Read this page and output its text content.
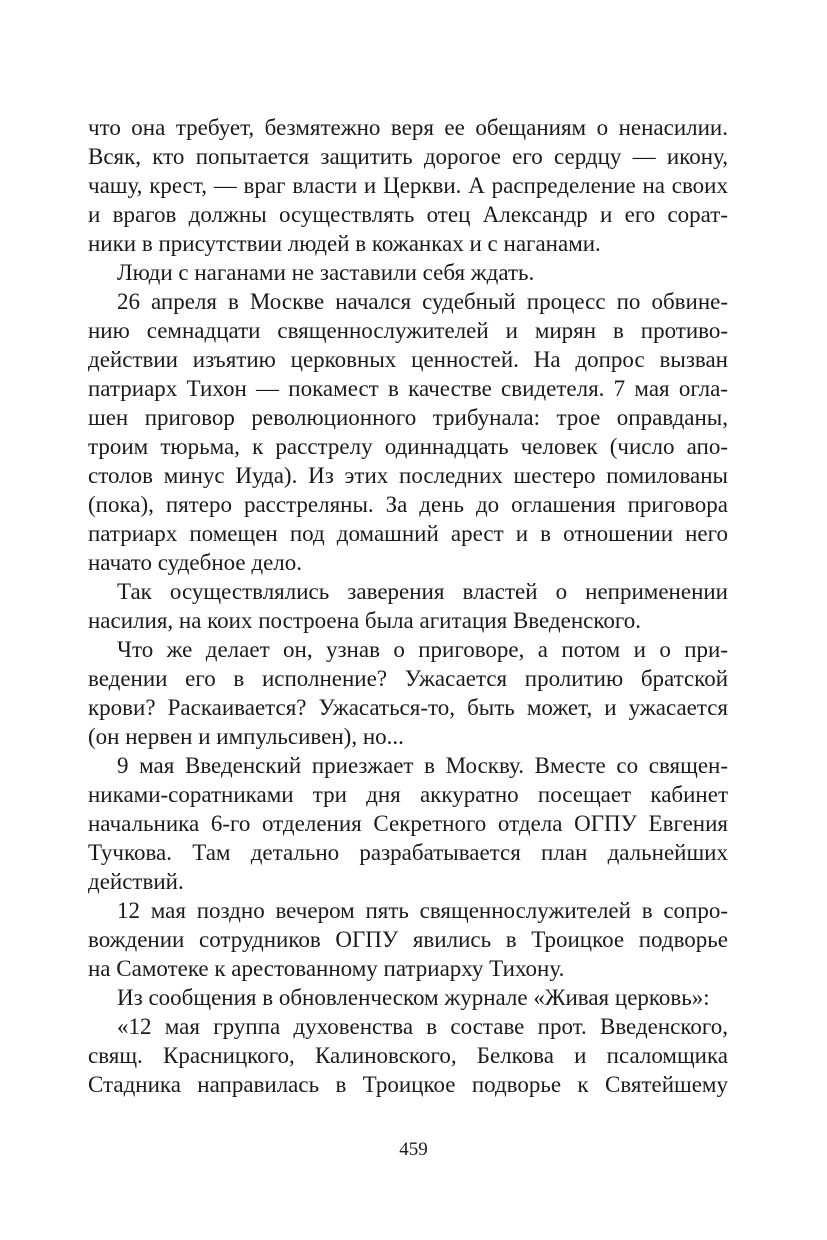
что она требует, безмятежно веря ее обещаниям о ненасилии.
Всяк, кто попытается защитить дорогое его сердцу — икону,
чашу, крест, — враг власти и Церкви. А распределение на своих
и врагов должны осуществлять отец Александр и его сорат-
ники в присутствии людей в кожанках и с наганами.
Люди с наганами не заставили себя ждать.
26 апреля в Москве начался судебный процесс по обвине-
нию семнадцати священнослужителей и мирян в противо-
действии изъятию церковных ценностей. На допрос вызван
патриарх Тихон — покамест в качестве свидетеля. 7 мая огла-
шен приговор революционного трибунала: трое оправданы,
троим тюрьма, к расстрелу одиннадцать человек (число апо-
столов минус Иуда). Из этих последних шестеро помилованы
(пока), пятеро расстреляны. За день до оглашения приговора
патриарх помещен под домашний арест и в отношении него
начато судебное дело.
Так осуществлялись заверения властей о неприменении
насилия, на коих построена была агитация Введенского.
Что же делает он, узнав о приговоре, а потом и о при-
ведении его в исполнение? Ужасается пролитию братской
крови? Раскаивается? Ужасаться-то, быть может, и ужасается
(он нервен и импульсивен), но...
9 мая Введенский приезжает в Москву. Вместе со священ-
никами-соратниками три дня аккуратно посещает кабинет
начальника 6-го отделения Секретного отдела ОГПУ Евгения
Тучкова. Там детально разрабатывается план дальнейших
действий.
12 мая поздно вечером пять священнослужителей в сопро-
вождении сотрудников ОГПУ явились в Троицкое подворье
на Самотеке к арестованному патриарху Тихону.
Из сообщения в обновленческом журнале «Живая церковь»:
«12 мая группа духовенства в составе прот. Введенского,
свящ. Красницкого, Калиновского, Белкова и псаломщика
Стадника направилась в Троицкое подворье к Святейшему
459
